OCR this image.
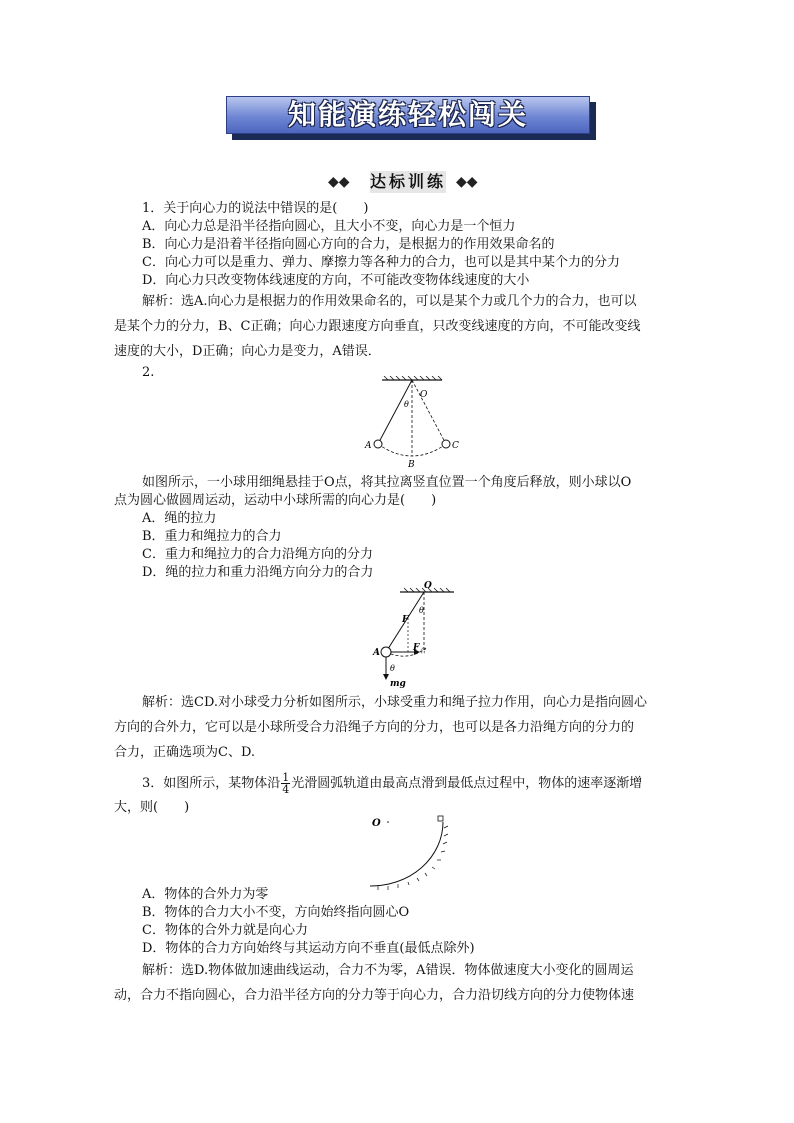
知能演练轻松闯关
◆◆ 达标训练 ◆◆
1．关于向心力的说法中错误的是(　　)
A．向心力总是沿半径指向圆心，且大小不变，向心力是一个恒力
B．向心力是沿着半径指向圆心方向的合力，是根据力的作用效果命名的
C．向心力可以是重力、弹力、摩擦力等各种力的合力，也可以是其中某个力的分力
D．向心力只改变物体线速度的方向，不可能改变物体线速度的大小
解析：选A.向心力是根据力的作用效果命名的，可以是某个力或几个力的合力，也可以
是某个力的分力，B、C正确；向心力跟速度方向垂直，只改变线速度的方向，不可能改变线
速度的大小，D正确；向心力是变力，A错误．
2.
O
θ
A
B
C
如图所示，一小球用细绳悬挂于O点，将其拉离竖直位置一个角度后释放，则小球以O
点为圆心做圆周运动，运动中小球所需的向心力是(　　)
A．绳的拉力
B．重力和绳拉力的合力
C．重力和绳拉力的合力沿绳方向的分力
D．绳的拉力和重力沿绳方向分力的合力
O
F
θ
A	F 合
θ
mg
解析：选CD.对小球受力分析如图所示，小球受重力和绳子拉力作用，向心力是指向圆心
方向的合外力，它可以是小球所受合力沿绳子方向的分力，也可以是各力沿绳方向的分力的
合力，正确选项为C、D.
3．如图所示，某物体沿 $\frac{1}{4}$ 光滑圆弧轨道由最高点滑到最低点过程中，物体的速率逐渐增
大，则(　　)
O
A．物体的合外力为零
B．物体的合力大小不变，方向始终指向圆心O
C．物体的合外力就是向心力
D．物体的合力方向始终与其运动方向不垂直(最低点除外)
解析：选D.物体做加速曲线运动，合力不为零，A错误．物体做速度大小变化的圆周运
动，合力不指向圆心，合力沿半径方向的分力等于向心力，合力沿切线方向的分力使物体速
